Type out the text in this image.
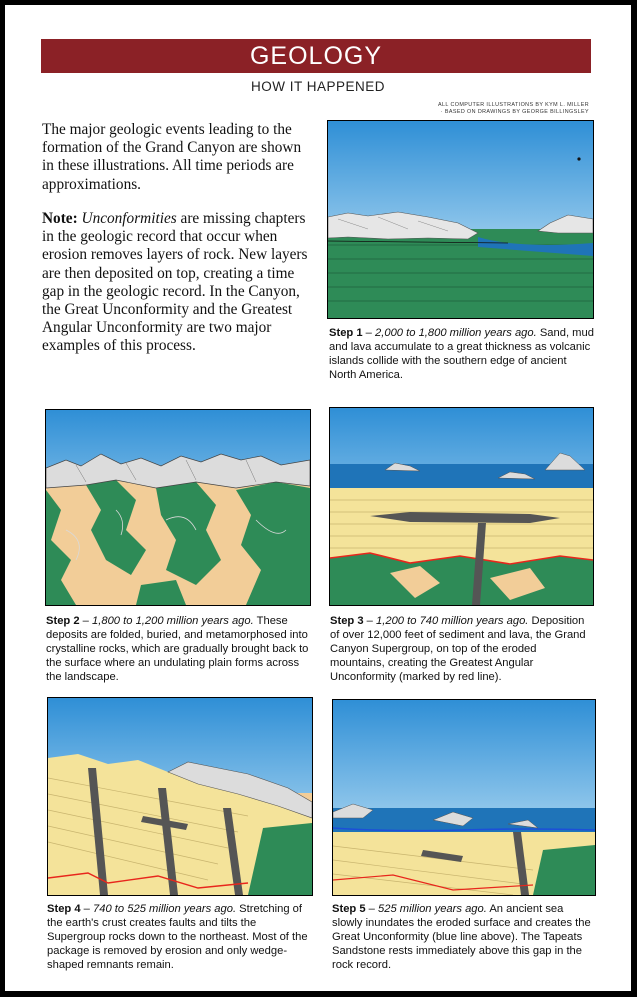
GEOLOGY
HOW IT HAPPENED
ALL COMPUTER ILLUSTRATIONS BY KYM L. MILLER
· BASED ON DRAWINGS BY GEORGE BILLINGSLEY
The major geologic events leading to the formation of the Grand Canyon are shown in these illustrations. All time periods are approximations.
Note: Unconformities are missing chapters in the geologic record that occur when erosion removes layers of rock. New layers are then deposited on top, creating a time gap in the geologic record. In the Canyon, the Great Unconformity and the Greatest Angular Unconformity are two major examples of this process.
Step 1 – 2,000 to 1,800 million years ago. Sand, mud and lava accumulate to a great thickness as volcanic islands collide with the southern edge of ancient North America.
Step 2 – 1,800 to 1,200 million years ago. These deposits are folded, buried, and metamorphosed into crystalline rocks, which are gradually brought back to the surface where an undulating plain forms across the landscape.
Step 3 – 1,200 to 740 million years ago. Deposition of over 12,000 feet of sediment and lava, the Grand Canyon Supergroup, on top of the eroded mountains, creating the Greatest Angular Unconformity (marked by red line).
Step 4 – 740 to 525 million years ago. Stretching of the earth's crust creates faults and tilts the Supergroup rocks down to the northeast. Most of the package is removed by erosion and only wedge-shaped remnants remain.
Step 5 – 525 million years ago. An ancient sea slowly inundates the eroded surface and creates the Great Unconformity (blue line above). The Tapeats Sandstone rests immediately above this gap in the rock record.
